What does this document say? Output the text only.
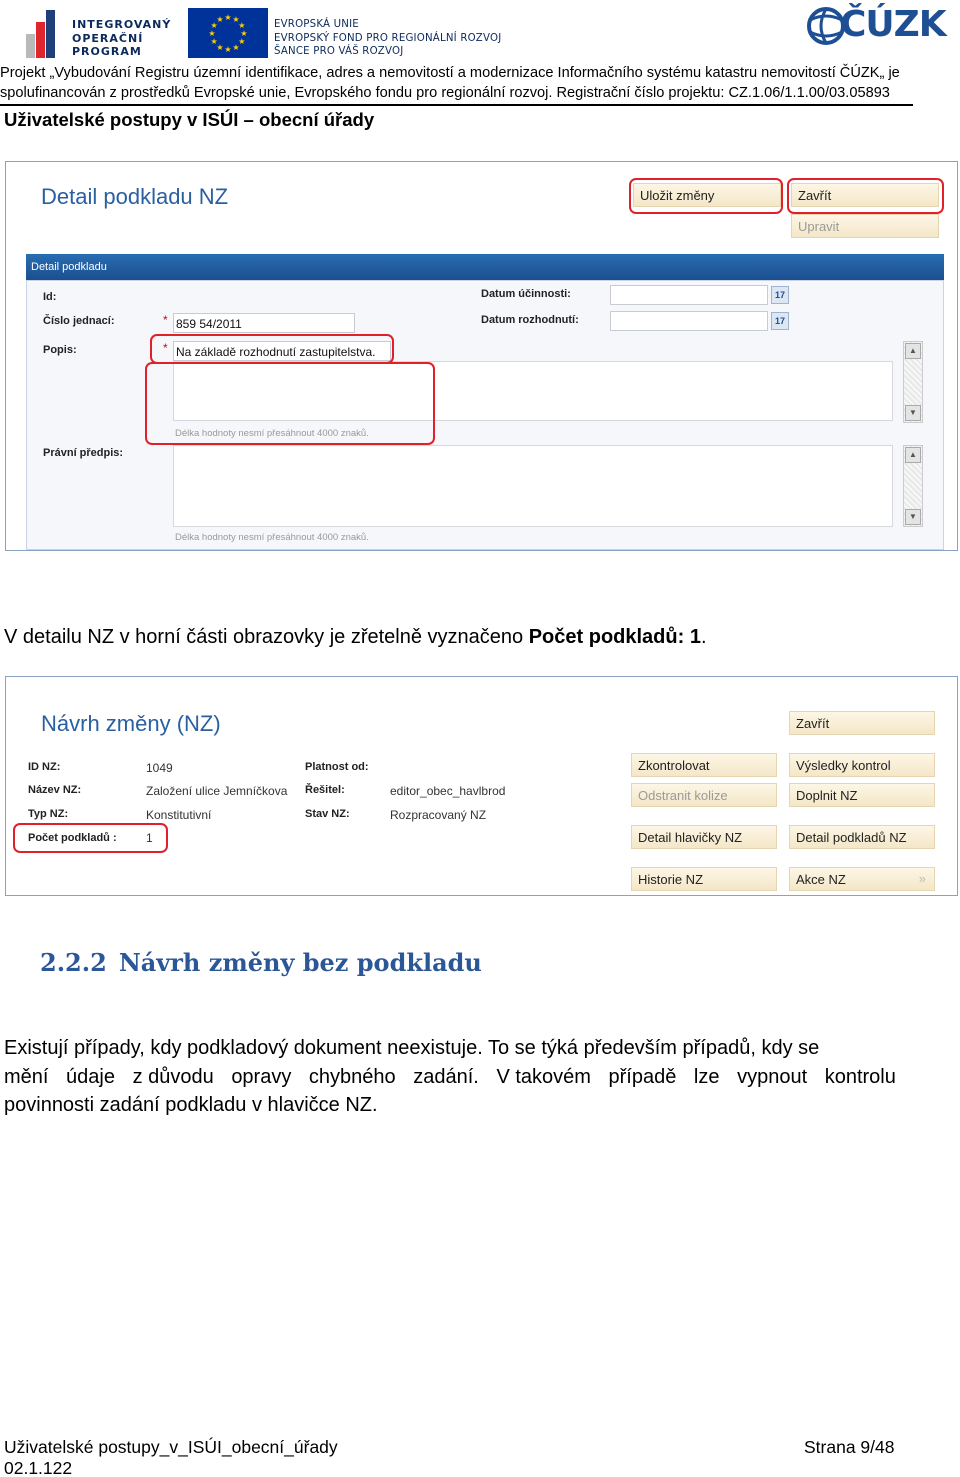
INTEGROVANÝ
OPERAČNÍ
PROGRAM
★
★
★
★
★
★
★
★
★ ★ ★
★	EVROPSKÁ UNIE
EVROPSKÝ FOND PRO REGIONÁLNÍ ROZVOJ
ŠANCE PRO VÁŠ ROZVOJ
ČÚZK
Projekt „Vybudování Registru územní identifikace, adres a nemovitostí a modernizace Informačního systému katastru nemovitostí ČÚZK„ je
spolufinancován z prostředků Evropské unie, Evropského fondu pro regionální rozvoj. Registrační číslo projektu: CZ.1.06/1.1.00/03.05893
Uživatelské postupy v ISÚI – obecní úřady
Detail podkladu NZ	Uložit změny	Zavřít
Upravit
Detail podkladu
Id:
Číslo jednací:	* 859 54/2011
Popis:	* Na základě rozhodnutí zastupitelstva.	▲
▼
Délka hodnoty nesmí přesáhnout 4000 znaků.
Právní předpis:	▲
▼
Délka hodnoty nesmí přesáhnout 4000 znaků.
Datum účinnosti:	17
Datum rozhodnutí:	17
V detailu NZ v horní části obrazovky je zřetelně vyznačeno Počet podkladů: 1.
Návrh změny (NZ)
ID NZ:	1049
Název NZ:	Založení ulice Jemníčkova
Typ NZ:	Konstitutivní
Počet podkladů : 1
Platnost od:
Řešitel:	editor_obec_havlbrod
Stav NZ:	Rozpracovaný NZ
Zavřít
Zkontrolovat	Výsledky kontrol
Odstranit kolize	Doplnit NZ
Detail hlavičky NZ	Detail podkladů NZ
Historie NZ	Akce NZ	»
2.2.2 Návrh změny bez podkladu
Existují případy, kdy podkladový dokument neexistuje. To se týká především případů, kdy se
mění údaje z důvodu opravy chybného zadání. V takovém případě lze vypnout kontrolu
povinnosti zadání podkladu v hlavičce NZ.
Uživatelské postupy_v_ISÚI_obecní_úřady	Strana 9/48
02.1.122
